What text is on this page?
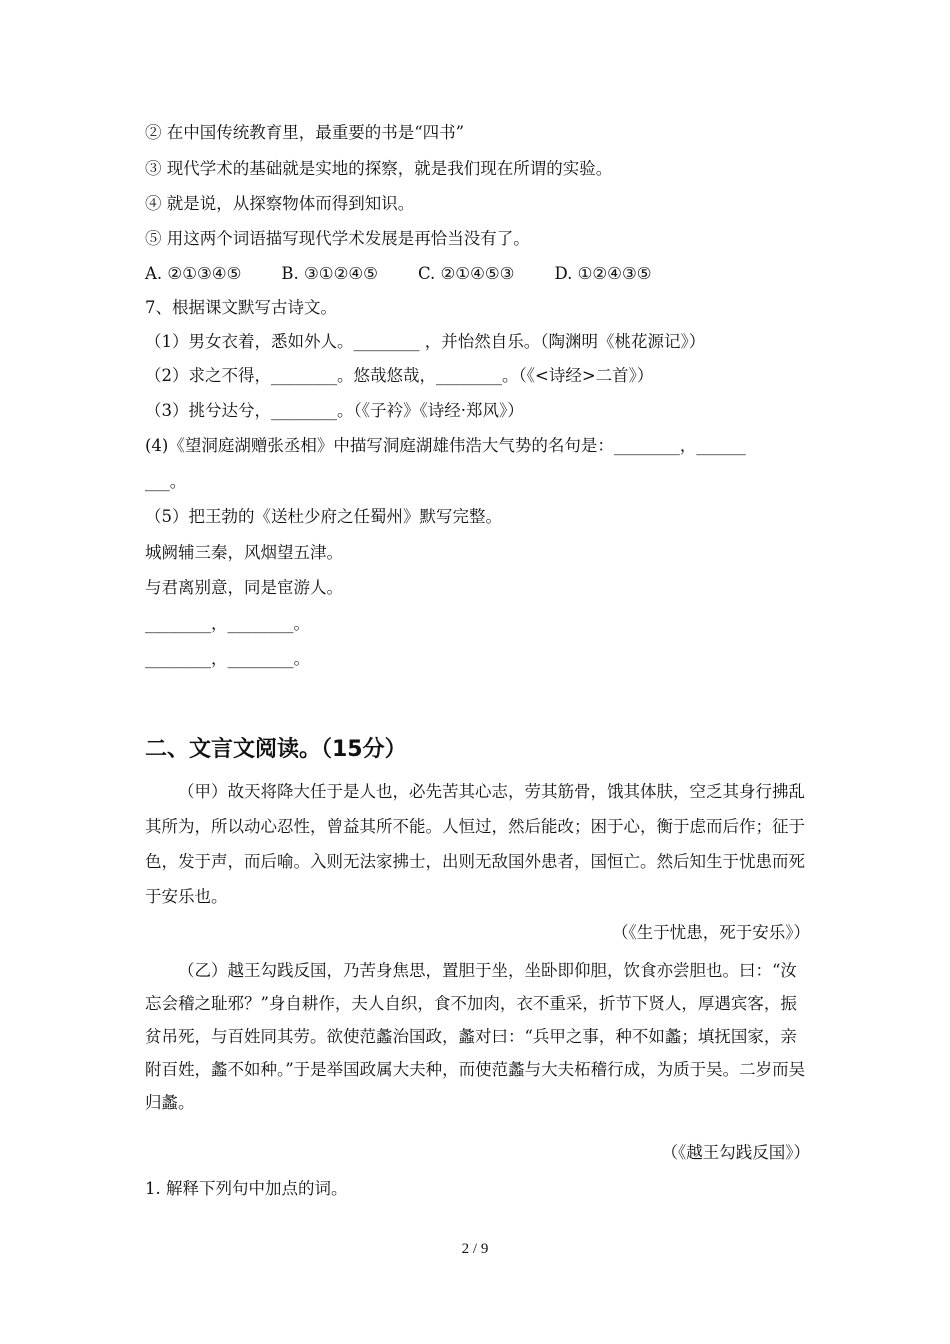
② 在中国传统教育里，最重要的书是“四书”
③ 现代学术的基础就是实地的探察，就是我们现在所谓的实验。
④ 就是说，从探察物体而得到知识。
⑤ 用这两个词语描写现代学术发展是再恰当没有了。
A. ②①③④⑤ B. ③①②④⑤ C. ②①④⑤③ D. ①②④③⑤
7、根据课文默写古诗文。
（1）男女衣着，悉如外人。________ ，并怡然自乐。（陶渊明《桃花源记》）
（2）求之不得，________。悠哉悠哉，________。（《<诗经>二首》）
（3）挑兮达兮，________。（《子衿》《诗经·郑风》）
(4)《望洞庭湖赠张丞相》中描写洞庭湖雄伟浩大气势的名句是：________，______
___。
（5）把王勃的《送杜少府之任蜀州》默写完整。
城阙辅三秦，风烟望五津。
与君离别意，同是宦游人。
________，________。
________，________。
二、文言文阅读。（15分）
（甲）故天将降大任于是人也，必先苦其心志，劳其筋骨，饿其体肤，空乏其身行拂乱其所为，所以动心忍性，曾益其所不能。人恒过，然后能改；困于心，衡于虑而后作；征于色，发于声，而后喻。入则无法家拂士，出则无敌国外患者，国恒亡。然后知生于忧患而死于安乐也。
（《生于忧患，死于安乐》）
（乙）越王勾践反国，乃苦身焦思，置胆于坐，坐卧即仰胆，饮食亦尝胆也。曰：“汝忘会稽之耻邪？”身自耕作，夫人自织，食不加肉，衣不重采，折节下贤人，厚遇宾客，振贫吊死，与百姓同其劳。欲使范蠡治国政，蠡对曰：“兵甲之事，种不如蠡；填抚国家，亲附百姓，蠡不如种。”于是举国政属大夫种，而使范蠡与大夫柘稽行成，为质于吴。二岁而吴归蠡。
（《越王勾践反国》）
1. 解释下列句中加点的词。
2 / 9
